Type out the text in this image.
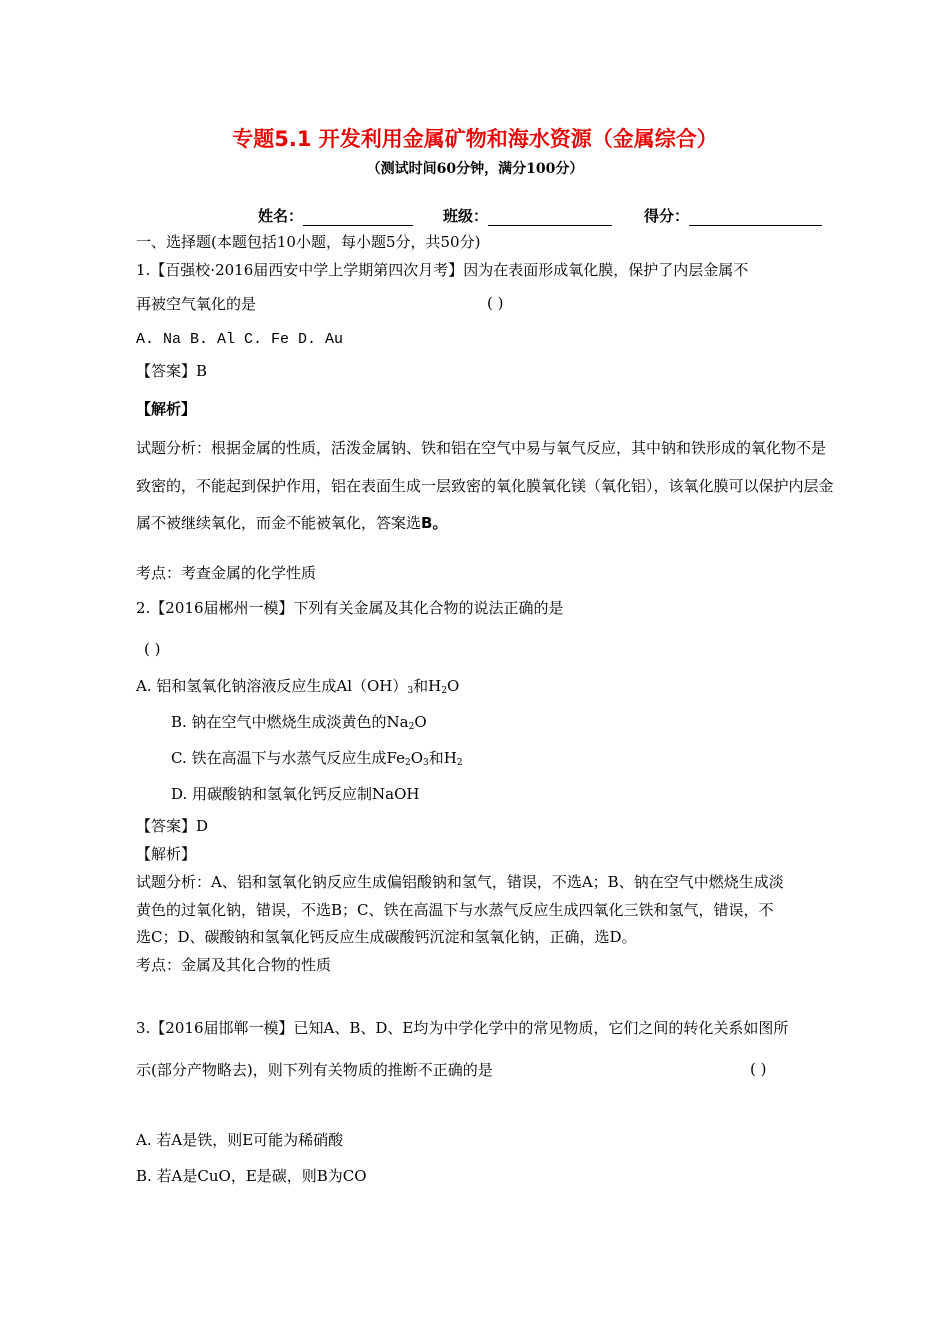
专题5.1 开发利用金属矿物和海水资源（金属综合）
（测试时间60分钟，满分100分）
姓名：	班级：	得分：
一、选择题(本题包括10小题，每小题5分，共50分)
1.【百强校·2016届西安中学上学期第四次月考】因为在表面形成氧化膜，保护了内层金属不
再被空气氧化的是	( )
A. Na B. Al C. Fe D. Au
【答案】B
【解析】
试题分析：根据金属的性质，活泼金属钠、铁和铝在空气中易与氧气反应，其中钠和铁形成的氧化物不是
致密的，不能起到保护作用，铝在表面生成一层致密的氧化膜氧化镁（氧化铝），该氧化膜可以保护内层金
属不被继续氧化，而金不能被氧化，答案选B。
考点：考查金属的化学性质
2.【2016届郴州一模】下列有关金属及其化合物的说法正确的是
( )
A. 铝和氢氧化钠溶液反应生成$Al(OH)_3$和$H_2O$
B. 钠在空气中燃烧生成淡黄色的$Na_2O$
C. 铁在高温下与水蒸气反应生成$Fe_2O_3$和$H_2$
D. 用碳酸钠和氢氧化钙反应制NaOH
【答案】D
【解析】
试题分析：A、铝和氢氧化钠反应生成偏铝酸钠和氢气，错误，不选A；B、钠在空气中燃烧生成淡
黄色的过氧化钠，错误，不选B；C、铁在高温下与水蒸气反应生成四氧化三铁和氢气，错误，不
选C；D、碳酸钠和氢氧化钙反应生成碳酸钙沉淀和氢氧化钠，正确，选D。
考点：金属及其化合物的性质
3.【2016届邯郸一模】已知A、B、D、E均为中学化学中的常见物质，它们之间的转化关系如图所
示(部分产物略去)，则下列有关物质的推断不正确的是	( )
A. 若A是铁，则E可能为稀硝酸
B. 若A是CuO，E是碳，则B为CO
